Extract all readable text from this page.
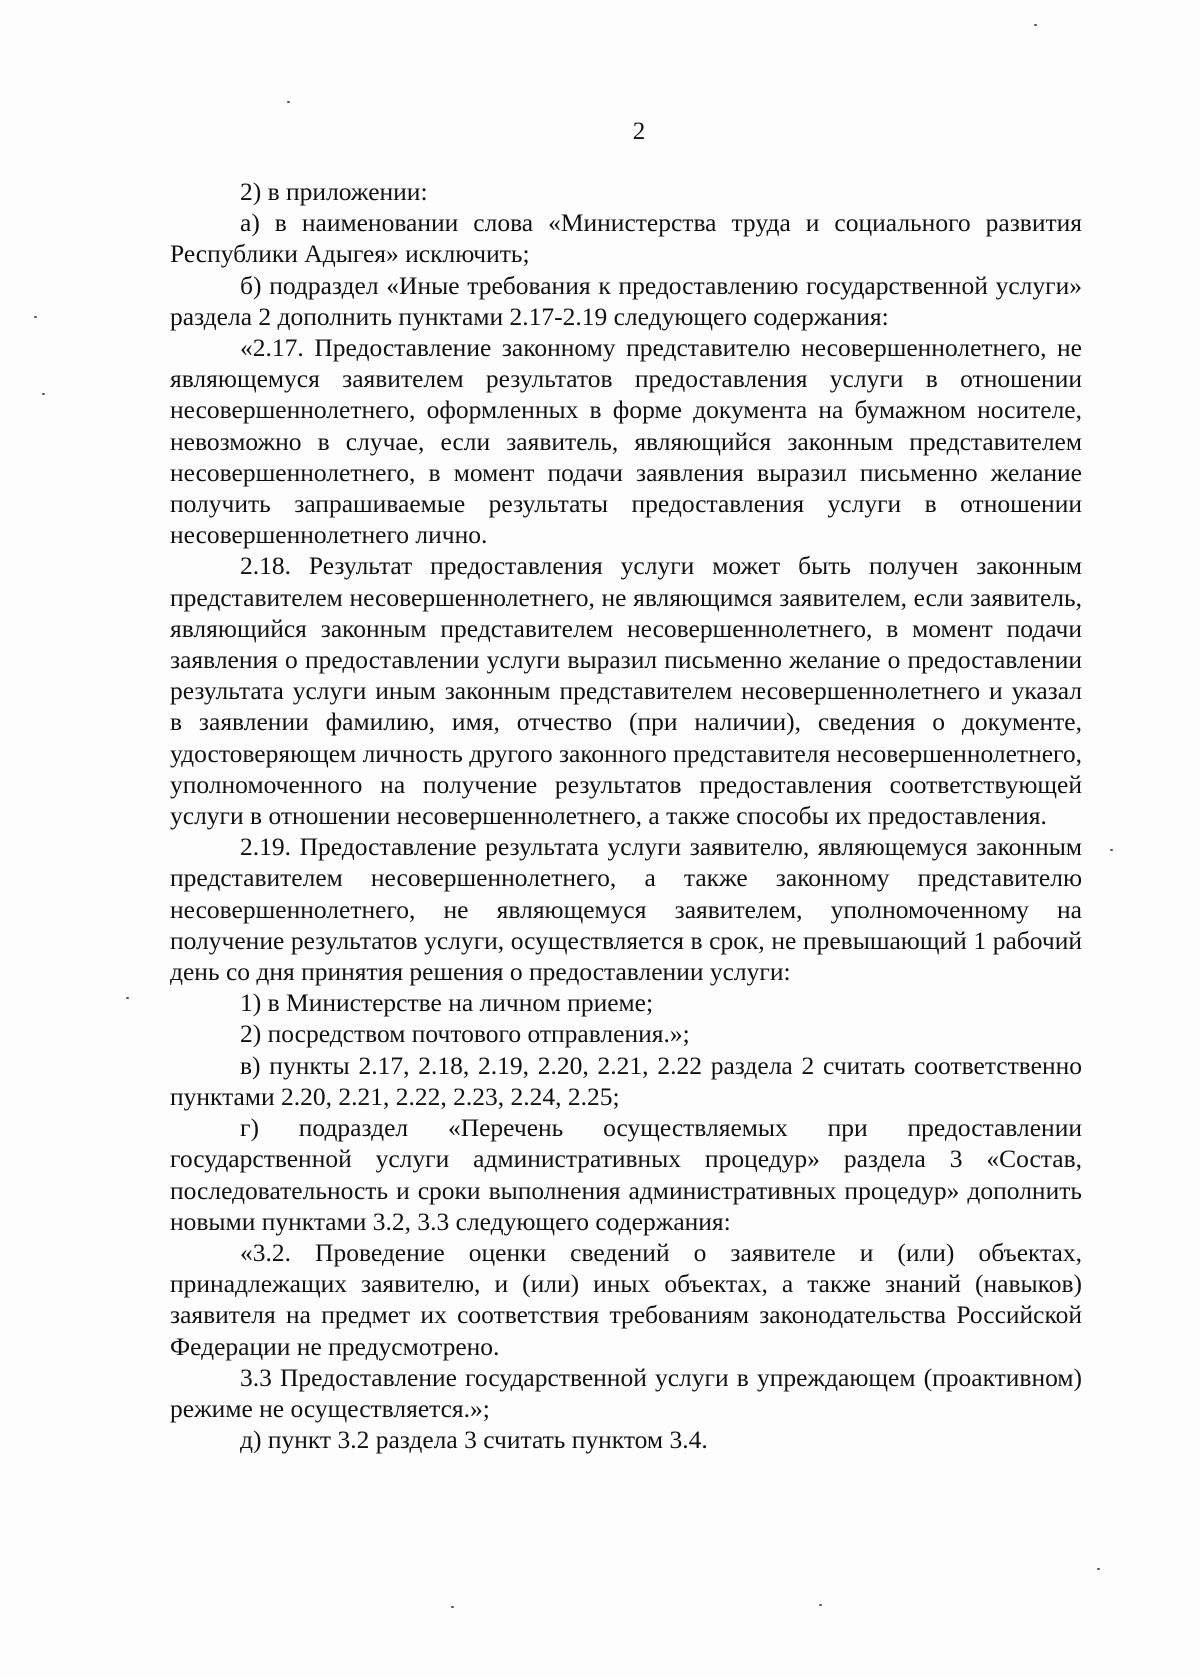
2

2) в приложении:

а) в наименовании слова «Министерства труда и социального развития Республики Адыгея» исключить;

б) подраздел «Иные требования к предоставлению государственной услуги» раздела 2 дополнить пунктами 2.17-2.19 следующего содержания:

«2.17. Предоставление законному представителю несовершеннолетнего, не являющемуся заявителем результатов предоставления услуги в отношении несовершеннолетнего, оформленных в форме документа на бумажном носителе, невозможно в случае, если заявитель, являющийся законным представителем несовершеннолетнего, в момент подачи заявления выразил письменно желание получить запрашиваемые результаты предоставления услуги в отношении несовершеннолетнего лично.

2.18. Результат предоставления услуги может быть получен законным представителем несовершеннолетнего, не являющимся заявителем, если заявитель, являющийся законным представителем несовершеннолетнего, в момент подачи заявления о предоставлении услуги выразил письменно желание о предоставлении результата услуги иным законным представителем несовершеннолетнего и указал в заявлении фамилию, имя, отчество (при наличии), сведения о документе, удостоверяющем личность другого законного представителя несовершеннолетнего, уполномоченного на получение результатов предоставления соответствующей услуги в отношении несовершеннолетнего, а также способы их предоставления.

2.19. Предоставление результата услуги заявителю, являющемуся законным представителем несовершеннолетнего, а также законному представителю несовершеннолетнего, не являющемуся заявителем, уполномоченному на получение результатов услуги, осуществляется в срок, не превышающий 1 рабочий день со дня принятия решения о предоставлении услуги:

1) в Министерстве на личном приеме;

2) посредством почтового отправления.»;

в) пункты 2.17, 2.18, 2.19, 2.20, 2.21, 2.22 раздела 2 считать соответственно пунктами 2.20, 2.21, 2.22, 2.23, 2.24, 2.25;

г) подраздел «Перечень осуществляемых при предоставлении государственной услуги административных процедур» раздела 3 «Состав, последовательность и сроки выполнения административных процедур» дополнить новыми пунктами 3.2, 3.3 следующего содержания:

«3.2. Проведение оценки сведений о заявителе и (или) объектах, принадлежащих заявителю, и (или) иных объектах, а также знаний (навыков) заявителя на предмет их соответствия требованиям законодательства Российской Федерации не предусмотрено.

3.3 Предоставление государственной услуги в упреждающем (проактивном) режиме не осуществляется.»;

д) пункт 3.2 раздела 3 считать пунктом 3.4.
